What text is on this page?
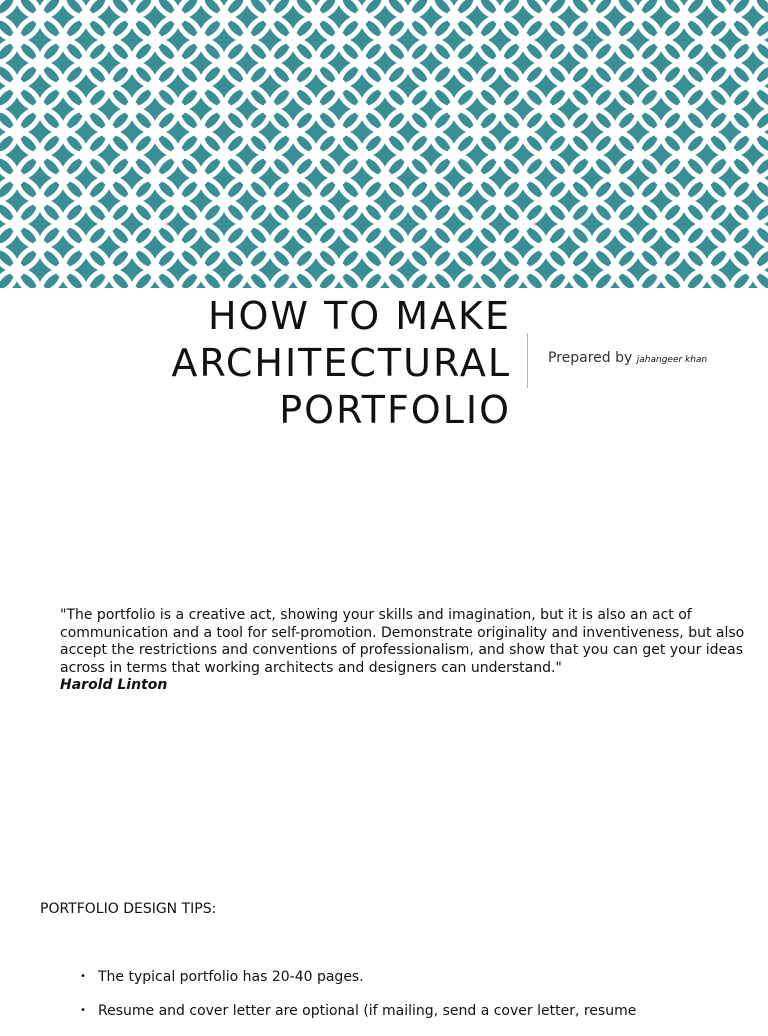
HOW TO MAKE
ARCHITECTURAL
PORTFOLIO
Prepared by jahangeer khan
"The portfolio is a creative act, showing your skills and imagination, but it is also an act of communication and a tool for self-promotion. Demonstrate originality and inventiveness, but also accept the restrictions and conventions of professionalism, and show that you can get your ideas across in terms that working architects and designers can understand."
Harold Linton
PORTFOLIO DESIGN TIPS:
• The typical portfolio has 20-40 pages.
• Resume and cover letter are optional (if mailing, send a cover letter, resume
